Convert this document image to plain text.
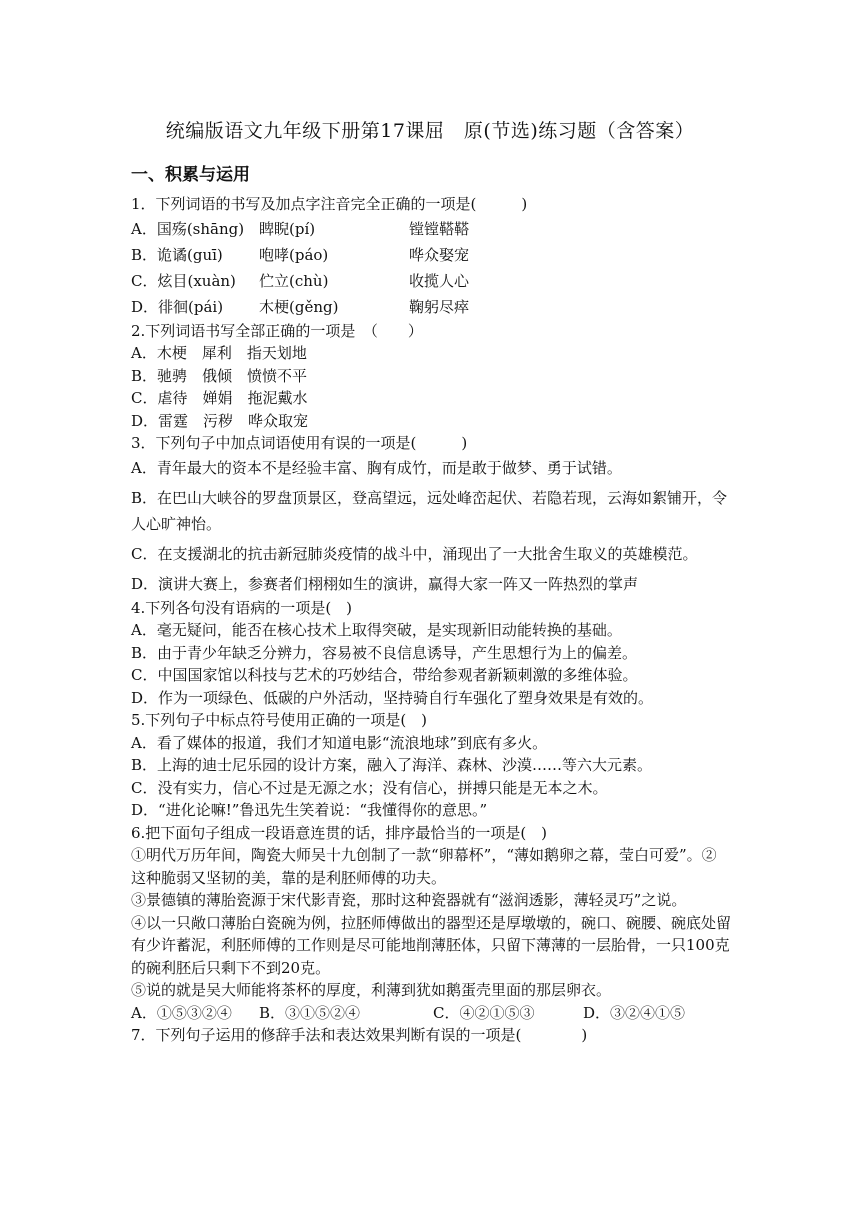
统编版语文九年级下册第17课屈　原(节选)练习题（含答案）
一、积累与运用

1．下列词语的书写及加点字注音完全正确的一项是(　　　)

A．国殇(shāng) 睥睨(pí)	镗镗鞳鞳
B．诡谲(guī)	咆哮(páo)	哗众娶宠
C．炫目(xuàn)	伫立(chù)	收揽人心
D．徘徊(pái)	木梗(gěng)	鞠躬尽瘁

2.下列词语书写全部正确的一项是　（　　）

A．木梗　犀利　指天划地

B．驰骋　俄倾　愤愤不平

C．虐待　婵娟　拖泥戴水

D．雷霆　污秽　哗众取宠

3．下列句子中加点词语使用有误的一项是(　　　)

A．青年最大的资本不是经验丰富、胸有成竹，而是敢于做梦、勇于试错。

B．在巴山大峡谷的罗盘顶景区，登高望远，远处峰峦起伏、若隐若现，云海如絮铺开，令人心旷神怡。

C．在支援湖北的抗击新冠肺炎疫情的战斗中，涌现出了一大批舍生取义的英雄模范。

D．演讲大赛上，参赛者们栩栩如生的演讲，赢得大家一阵又一阵热烈的掌声

4.下列各句没有语病的一项是(　)

A．毫无疑问，能否在核心技术上取得突破，是实现新旧动能转换的基础。

B．由于青少年缺乏分辨力，容易被不良信息诱导，产生思想行为上的偏差。

C．中国国家馆以科技与艺术的巧妙结合，带给参观者新颖刺激的多维体验。

D．作为一项绿色、低碳的户外活动，坚持骑自行车强化了塑身效果是有效的。

5.下列句子中标点符号使用正确的一项是(　)

A．看了媒体的报道，我们才知道电影“流浪地球”到底有多火。

B．上海的迪士尼乐园的设计方案，融入了海洋、森林、沙漠……等六大元素。

C．没有实力，信心不过是无源之水；没有信心，拼搏只能是无本之木。

D．“进化论嘛!”鲁迅先生笑着说：“我懂得你的意思。”

6.把下面句子组成一段语意连贯的话，排序最恰当的一项是(　)

①明代万历年间，陶瓷大师吴十九创制了一款“卵幕杯”，“薄如鹅卵之幕，莹白可爱”。②这种脆弱又坚韧的美，靠的是利胚师傅的功夫。

③景德镇的薄胎瓷源于宋代影青瓷，那时这种瓷器就有“滋润透影，薄轻灵巧”之说。

④以一只敞口薄胎白瓷碗为例，拉胚师傅做出的器型还是厚墩墩的，碗口、碗腰、碗底处留有少许蓄泥，利胚师傅的工作则是尽可能地削薄胚体，只留下薄薄的一层胎骨，一只100克的碗利胚后只剩下不到20克。

⑤说的就是吴大师能将茶杯的厚度，利薄到犹如鹅蛋壳里面的那层卵衣。

A．①⑤③②④ B．③①⑤②④	C．④②①⑤③	D．③②④①⑤

7．下列句子运用的修辞手法和表达效果判断有误的一项是(　　　　)
